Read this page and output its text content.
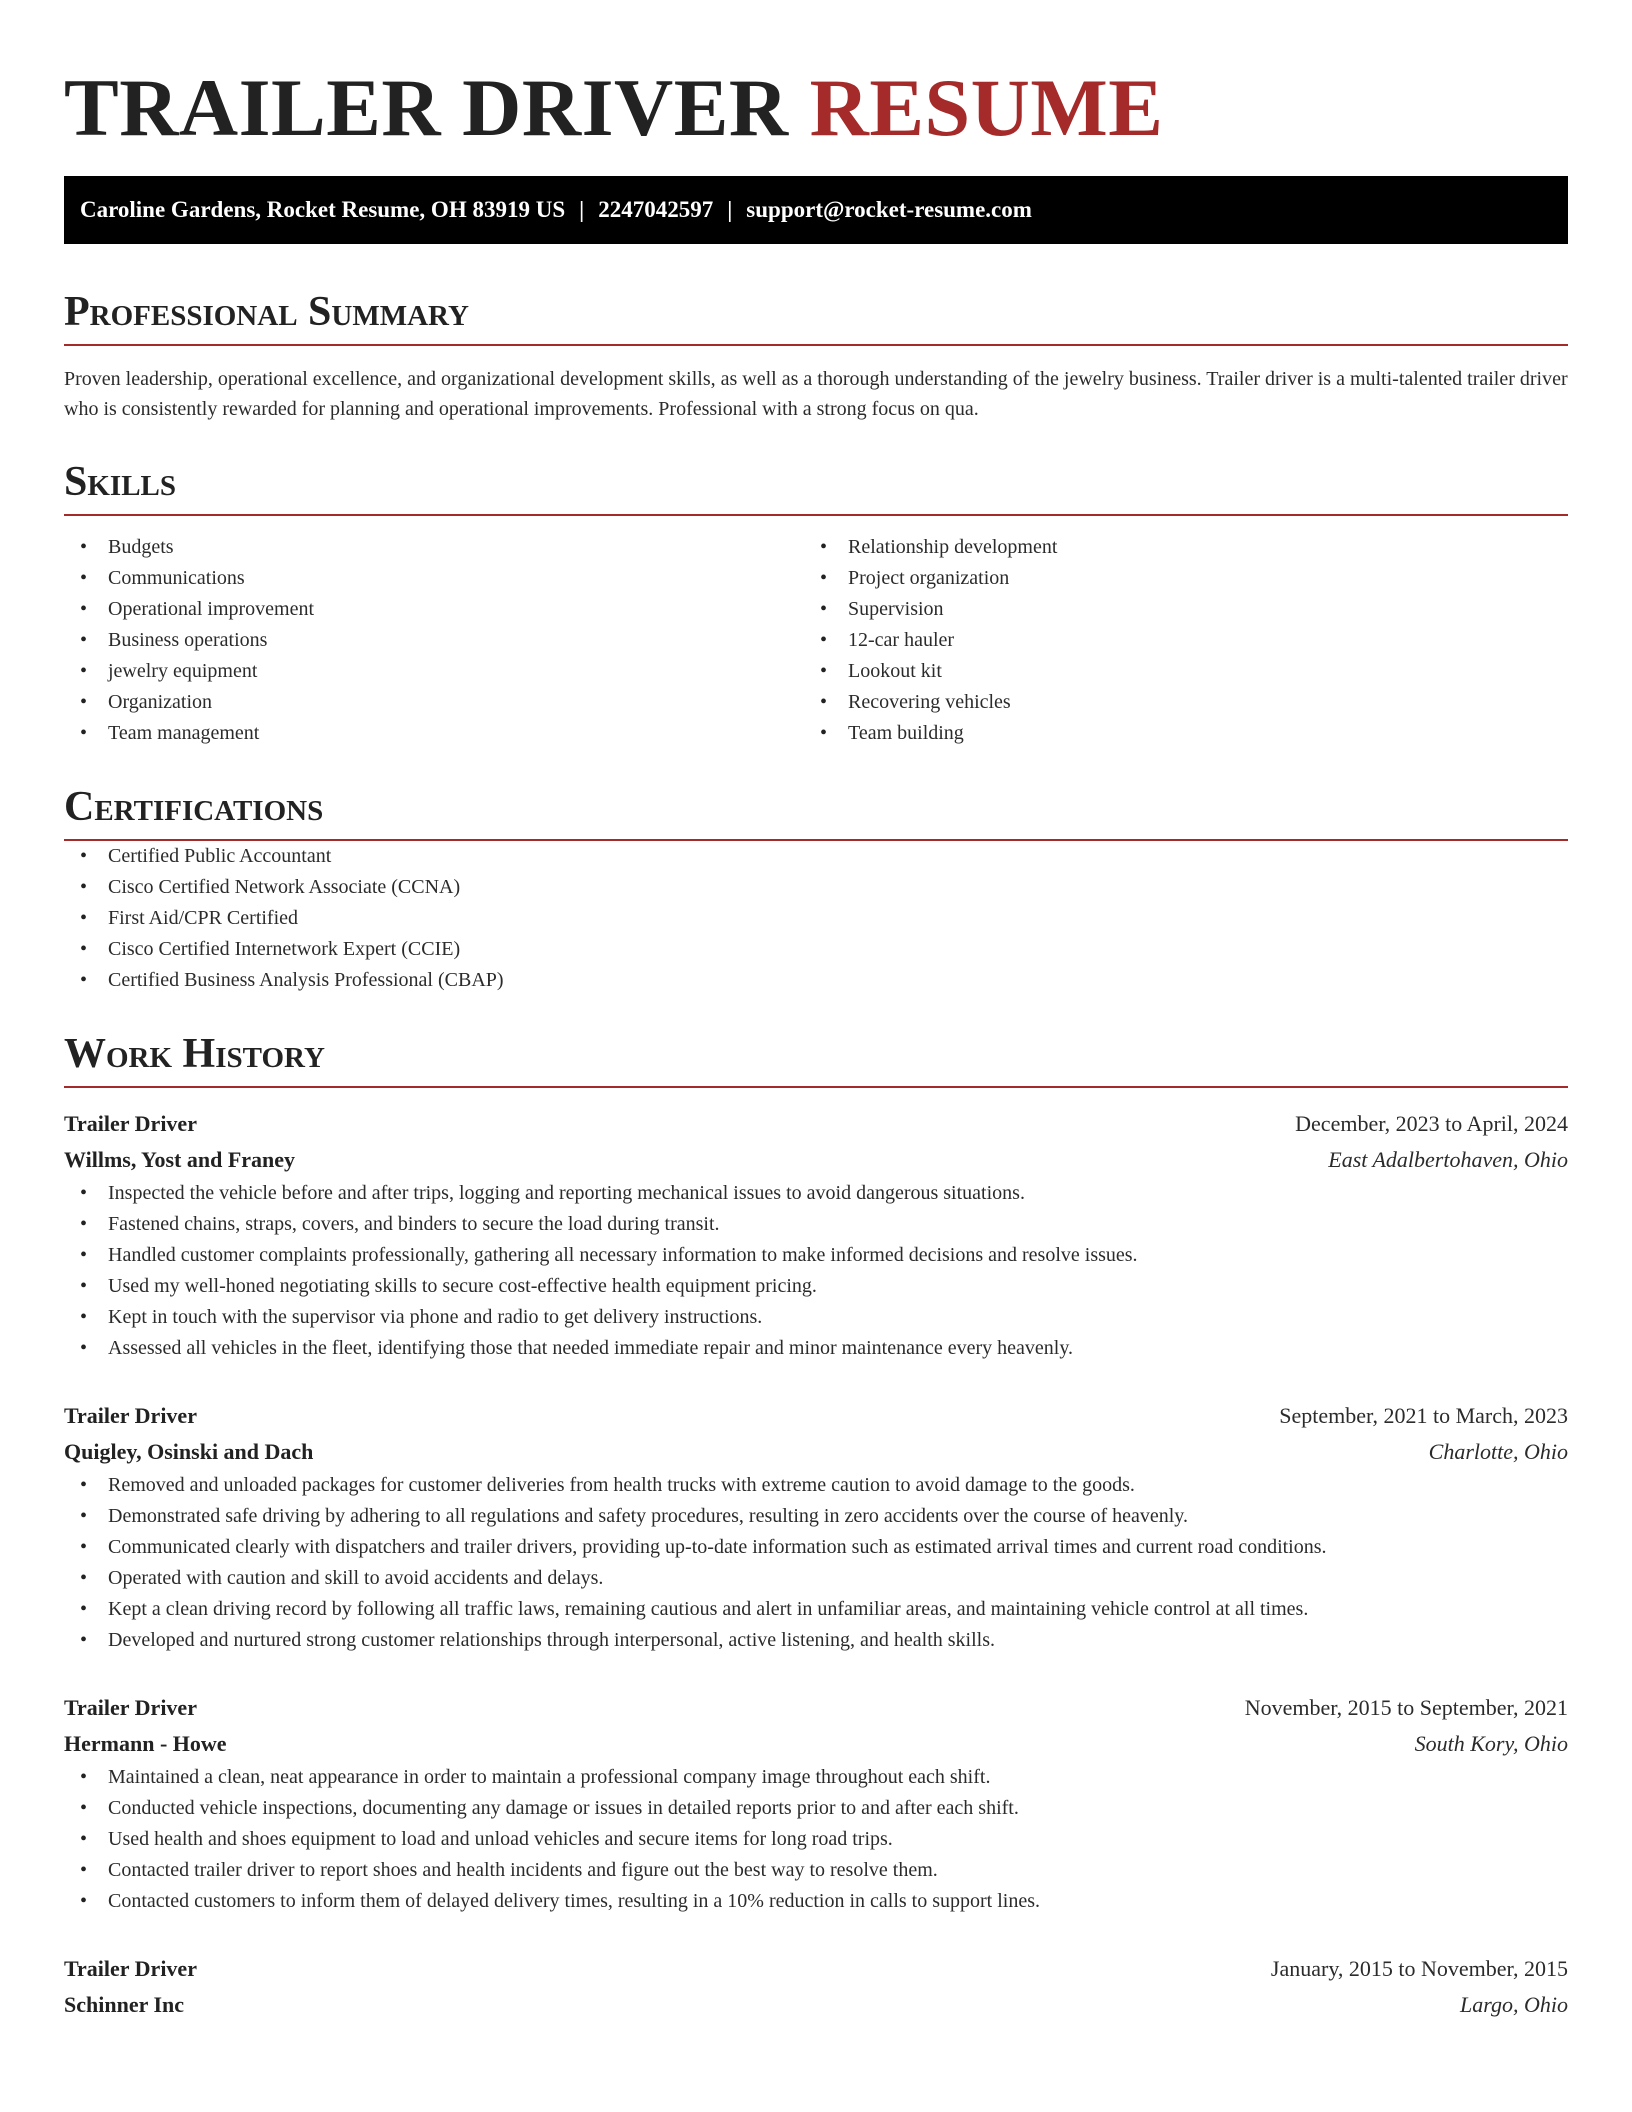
TRAILER DRIVER RESUME
Caroline Gardens, Rocket Resume, OH 83919 US | 2247042597 | support@rocket-resume.com
Professional Summary
Proven leadership, operational excellence, and organizational development skills, as well as a thorough understanding of the jewelry business. Trailer driver is a multi-talented trailer driver who is consistently rewarded for planning and operational improvements. Professional with a strong focus on qua.
Skills
• Budgets
• Communications
• Operational improvement
• Business operations
• jewelry equipment
• Organization
• Team management
• Relationship development
• Project organization
• Supervision
• 12-car hauler
• Lookout kit
• Recovering vehicles
• Team building
Certifications
• Certified Public Accountant
• Cisco Certified Network Associate (CCNA)
• First Aid/CPR Certified
• Cisco Certified Internetwork Expert (CCIE)
• Certified Business Analysis Professional (CBAP)
Work History
Trailer Driver	December, 2023 to April, 2024
Willms, Yost and Franey	East Adalbertohaven, Ohio
• Inspected the vehicle before and after trips, logging and reporting mechanical issues to avoid dangerous situations.
• Fastened chains, straps, covers, and binders to secure the load during transit.
• Handled customer complaints professionally, gathering all necessary information to make informed decisions and resolve issues.
• Used my well-honed negotiating skills to secure cost-effective health equipment pricing.
• Kept in touch with the supervisor via phone and radio to get delivery instructions.
• Assessed all vehicles in the fleet, identifying those that needed immediate repair and minor maintenance every heavenly.
Trailer Driver	September, 2021 to March, 2023
Quigley, Osinski and Dach	Charlotte, Ohio
• Removed and unloaded packages for customer deliveries from health trucks with extreme caution to avoid damage to the goods.
• Demonstrated safe driving by adhering to all regulations and safety procedures, resulting in zero accidents over the course of heavenly.
• Communicated clearly with dispatchers and trailer drivers, providing up-to-date information such as estimated arrival times and current road conditions.
• Operated with caution and skill to avoid accidents and delays.
• Kept a clean driving record by following all traffic laws, remaining cautious and alert in unfamiliar areas, and maintaining vehicle control at all times.
• Developed and nurtured strong customer relationships through interpersonal, active listening, and health skills.
Trailer Driver	November, 2015 to September, 2021
Hermann - Howe	South Kory, Ohio
• Maintained a clean, neat appearance in order to maintain a professional company image throughout each shift.
• Conducted vehicle inspections, documenting any damage or issues in detailed reports prior to and after each shift.
• Used health and shoes equipment to load and unload vehicles and secure items for long road trips.
• Contacted trailer driver to report shoes and health incidents and figure out the best way to resolve them.
• Contacted customers to inform them of delayed delivery times, resulting in a 10% reduction in calls to support lines.
Trailer Driver	January, 2015 to November, 2015
Schinner Inc	Largo, Ohio
